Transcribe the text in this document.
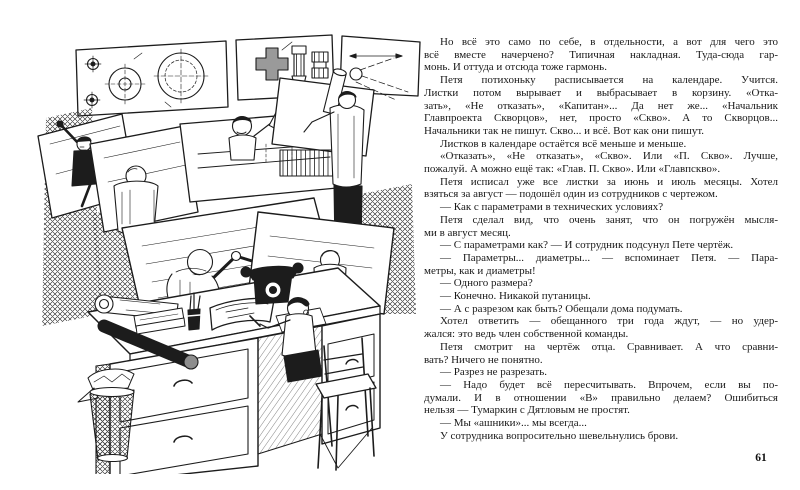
Но всё это само по себе, в отдельности, а вот для чего это
всё вместе начерчено? Типичная накладная. Туда-сюда гар-
монь. И оттуда и отсюда тоже гармонь.
Петя потихоньку расписывается на календаре. Учится.
Листки потом вырывает и выбрасывает в корзину. «Отка-
зать», «Не отказать», «Капитан»... Да нет же... «Начальник
Главпроекта Скворцов», нет, просто «Скво». А то Скворцов...
Начальники так не пишут. Скво... и всё. Вот как они пишут.
Листков в календаре остаётся всё меньше и меньше.
«Отказать», «Не отказать», «Скво». Или «П. Скво». Лучше,
пожалуй. А можно ещё так: «Глав. П. Скво». Или «Главпскво».
Петя исписал уже все листки за июнь и июль месяцы. Хотел
взяться за август — подошёл один из сотрудников с чертежом.
— Как с параметрами в технических условиях?
Петя сделал вид, что очень занят, что он погружён мысля-
ми в август месяц.
— С параметрами как? — И сотрудник подсунул Пете чертёж.
— Параметры... диаметры... — вспоминает Петя. — Пара-
метры, как и диаметры!
— Одного размера?
— Конечно. Никакой путаницы.
— А с разрезом как быть? Обещали дома подумать.
Хотел ответить — обещанного три года ждут, — но удер-
жался: это ведь член собственной команды.
Петя смотрит на чертёж отца. Сравнивает. А что сравни-
вать? Ничего не понятно.
— Разрез не разрезать.
— Надо будет всё пересчитывать. Впрочем, если вы по-
думали. И в отношении «В» правильно делаем? Ошибиться
нельзя — Тумаркин с Дятловым не простят.
— Мы «ашники»... мы всегда...
У сотрудника вопросительно шевельнулись брови.
61
